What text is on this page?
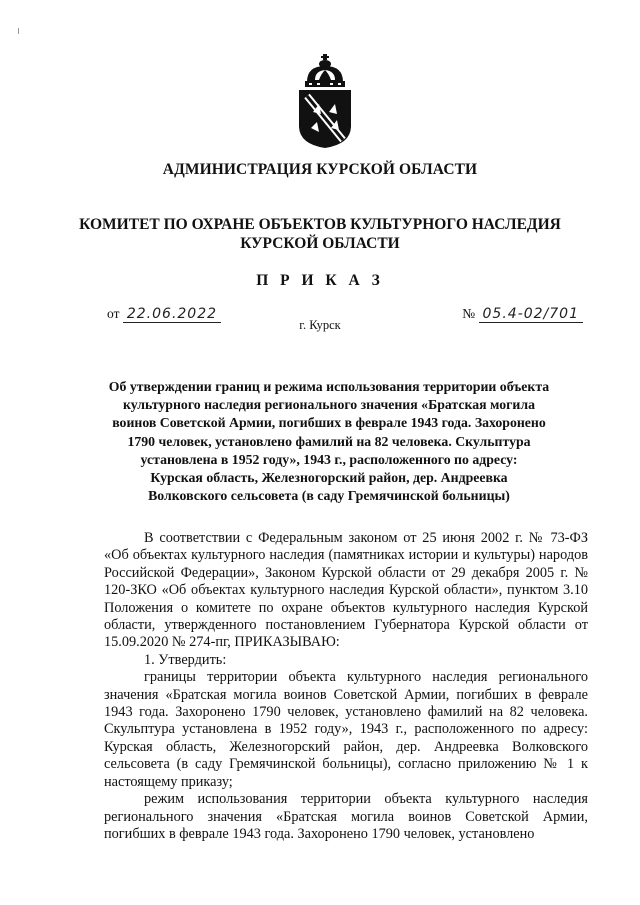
АДМИНИСТРАЦИЯ КУРСКОЙ ОБЛАСТИ
КОМИТЕТ ПО ОХРАНЕ ОБЪЕКТОВ КУЛЬТУРНОГО НАСЛЕДИЯ
КУРСКОЙ ОБЛАСТИ
П Р И К А З
от 22.06.2022	№ 05.4-02/701
г. Курск
Об утверждении границ и режима использования территории объекта
культурного наследия регионального значения «Братская могила
воинов Советской Армии, погибших в феврале 1943 года. Захоронено
1790 человек, установлено фамилий на 82 человека. Скульптура
установлена в 1952 году», 1943 г., расположенного по адресу:
Курская область, Железногорский район, дер. Андреевка
Волковского сельсовета (в саду Гремячинской больницы)

В соответствии с Федеральным законом от 25 июня 2002 г. № 73-ФЗ «Об объектах культурного наследия (памятниках истории и культуры) народов Российской Федерации», Законом Курской области от 29 декабря 2005 г. № 120-ЗКО «Об объектах культурного наследия Курской области», пунктом 3.10 Положения о комитете по охране объектов культурного наследия Курской области, утвержденного постановлением Губернатора Курской области от 15.09.2020 № 274-пг, ПРИКАЗЫВАЮ:

1. Утвердить:

границы территории объекта культурного наследия регионального значения «Братская могила воинов Советской Армии, погибших в феврале 1943 года. Захоронено 1790 человек, установлено фамилий на 82 человека. Скульптура установлена в 1952 году», 1943 г., расположенного по адресу: Курская область, Железногорский район, дер. Андреевка Волковского сельсовета (в саду Гремячинской больницы), согласно приложению № 1 к настоящему приказу;

режим использования территории объекта культурного наследия регионального значения «Братская могила воинов Советской Армии, погибших в феврале 1943 года. Захоронено 1790 человек, установлено
